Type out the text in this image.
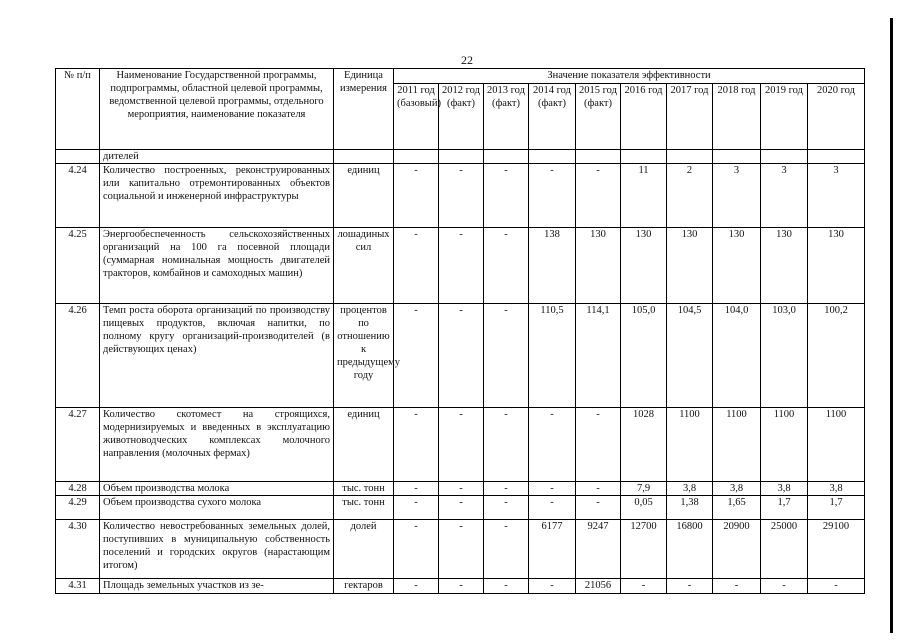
22
№ п/п	Наименование Государственной программы, подпрограммы, областной целевой программы, ведомственной целевой программы, отдельного мероприятия, наименование показателя	Единица измерения	Значение показателя эффективности									
			2011 год (базовый)	2012 год (факт)	2013 год (факт)	2014 год (факт)	2015 год (факт)	2016 год	2017 год	2018 год	2019 год	2020 год
	дителей											
4.24	Количество построенных, реконструированных или капитально отремонтированных объектов социальной и инженерной инфраструктуры	единиц	-	-	-	-	-	11	2	3	3	3
4.25	Энергообеспеченность сельскохозяйственных организаций на 100 га посевной площади (суммарная номинальная мощность двигателей тракторов, комбайнов и самоходных машин)	лошадиных сил	-	-	-	138	130	130	130	130	130	130
4.26	Темп роста оборота организаций по производству пищевых продуктов, включая напитки, по полному кругу организаций-производителей (в действующих ценах)	процентов по отношению к предыдущему году	-	-	-	110,5	114,1	105,0	104,5	104,0	103,0	100,2
4.27	Количество скотомест на строящихся, модернизируемых и введенных в эксплуатацию животноводческих комплексах молочного направления (молочных фермах)	единиц	-	-	-	-	-	1028	1100	1100	1100	1100
4.28	Объем производства молока	тыс. тонн	-	-	-	-	-	7,9	3,8	3,8	3,8	3,8
4.29	Объем производства сухого молока	тыс. тонн	-	-	-	-	-	0,05	1,38	1,65	1,7	1,7
4.30	Количество невостребованных земельных долей, поступивших в муниципальную собственность поселений и городских округов (нарастающим итогом)	долей	-	-	-	6177	9247	12700	16800	20900	25000	29100
4.31	Площадь земельных участков из зе-	гектаров	-	-	-	-	21056	-	-	-	-	-
